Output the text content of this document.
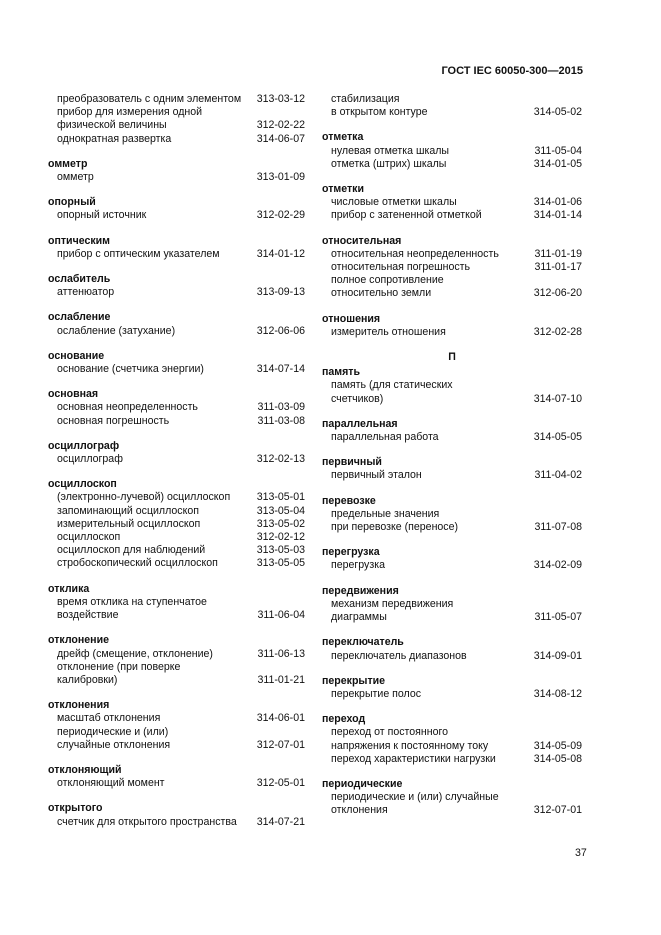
ГОСТ IEC 60050-300—2015
преобразователь с одним элементом	313-03-12
прибор для измерения одной
физической величины	312-02-22
однократная развертка	314-06-07
омметр
омметр	313-01-09
опорный
опорный источник	312-02-29
оптическим
прибор с оптическим указателем	314-01-12
ослабитель
аттенюатор	313-09-13
ослабление
ослабление (затухание)	312-06-06
основание
основание (счетчика энергии)	314-07-14
основная
основная неопределенность	311-03-09
основная погрешность	311-03-08
осциллограф
осциллограф	312-02-13
осциллоскоп
(электронно-лучевой) осциллоскоп	313-05-01
запоминающий осциллоскоп	313-05-04
измерительный осциллоскоп	313-05-02
осциллоскоп	312-02-12
осциллоскоп для наблюдений	313-05-03
стробоскопический осциллоскоп	313-05-05
отклика
время отклика на ступенчатое
воздействие	311-06-04
отклонение
дрейф (смещение, отклонение)	311-06-13
отклонение (при поверке
калибровки)	311-01-21
отклонения
масштаб отклонения	314-06-01
периодические и (или)
случайные отклонения	312-07-01
отклоняющий
отклоняющий момент	312-05-01
открытого
счетчик для открытого пространства	314-07-21
стабилизация
в открытом контуре	314-05-02
отметка
нулевая отметка шкалы	311-05-04
отметка (штрих) шкалы	314-01-05
отметки
числовые отметки шкалы	314-01-06
прибор с затененной отметкой	314-01-14
относительная
относительная неопределенность	311-01-19
относительная погрешность	311-01-17
полное сопротивление
относительно земли	312-06-20
отношения
измеритель отношения	312-02-28
П
память
память (для статических
счетчиков)	314-07-10
параллельная
параллельная работа	314-05-05
первичный
первичный эталон	311-04-02
перевозке
предельные значения
при перевозке (переносе)	311-07-08
перегрузка
перегрузка	314-02-09
передвижения
механизм передвижения
диаграммы	311-05-07
переключатель
переключатель диапазонов	314-09-01
перекрытие
перекрытие полос	314-08-12
переход
переход от постоянного
напряжения к постоянному току	314-05-09
переход характеристики нагрузки	314-05-08
периодические
периодические и (или) случайные
отклонения	312-07-01
37
